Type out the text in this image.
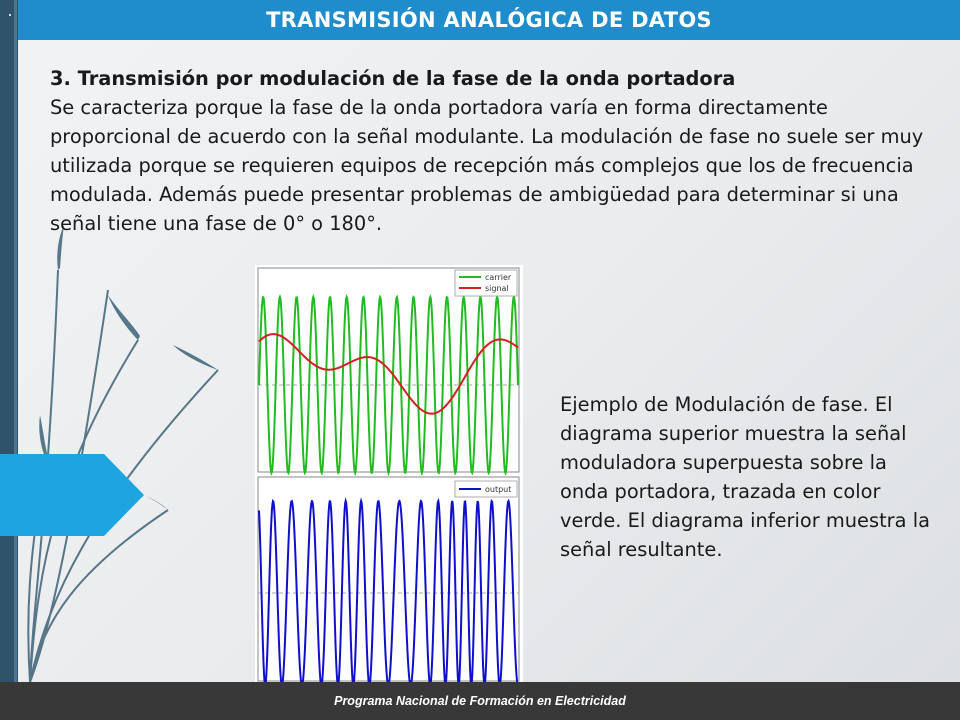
TRANSMISIÓN ANALÓGICA DE DATOS
3. Transmisión por modulación de la fase de la onda portadora
Se caracteriza porque la fase de la onda portadora varía en forma directamente proporcional de acuerdo con la señal modulante. La modulación de fase no suele ser muy utilizada porque se requieren equipos de recepción más complejos que los de frecuencia modulada. Además puede presentar problemas de ambigüedad para determinar si una señal tiene una fase de 0° o 180°.
carrier
signal
output
Ejemplo de Modulación de fase. El diagrama superior muestra la señal moduladora superpuesta sobre la onda portadora, trazada en color verde. El diagrama inferior muestra la señal resultante.
Programa Nacional de Formación en Electricidad
